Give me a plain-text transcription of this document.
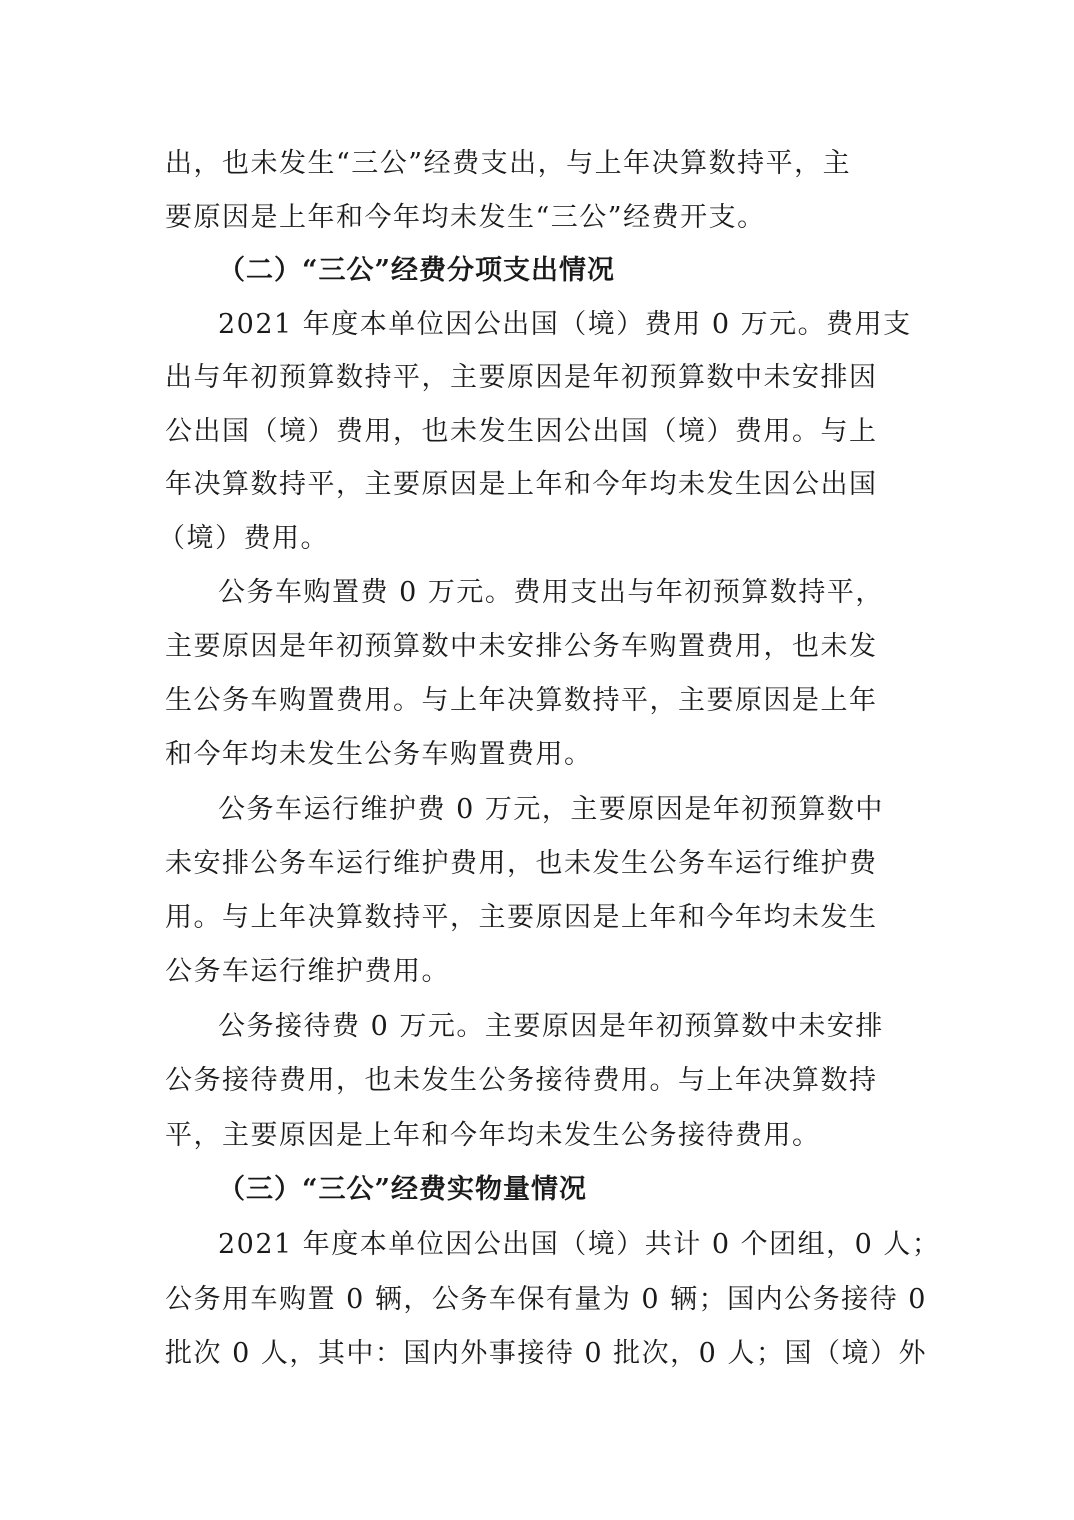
出，也未发生“三公”经费支出，与上年决算数持平，主
要原因是上年和今年均未发生“三公”经费开支。
（二）“三公”经费分项支出情况
2021 年度本单位因公出国（境）费用 0 万元。费用支
出与年初预算数持平，主要原因是年初预算数中未安排因
公出国（境）费用，也未发生因公出国（境）费用。与上
年决算数持平，主要原因是上年和今年均未发生因公出国
（境）费用。
公务车购置费 0 万元。费用支出与年初预算数持平，
主要原因是年初预算数中未安排公务车购置费用，也未发
生公务车购置费用。与上年决算数持平，主要原因是上年
和今年均未发生公务车购置费用。
公务车运行维护费 0 万元，主要原因是年初预算数中
未安排公务车运行维护费用，也未发生公务车运行维护费
用。与上年决算数持平，主要原因是上年和今年均未发生
公务车运行维护费用。
公务接待费 0 万元。主要原因是年初预算数中未安排
公务接待费用，也未发生公务接待费用。与上年决算数持
平，主要原因是上年和今年均未发生公务接待费用。
（三）“三公”经费实物量情况
2021 年度本单位因公出国（境）共计 0 个团组，0 人；
公务用车购置 0 辆，公务车保有量为 0 辆；国内公务接待 0
批次 0 人，其中：国内外事接待 0 批次，0 人；国（境）外
